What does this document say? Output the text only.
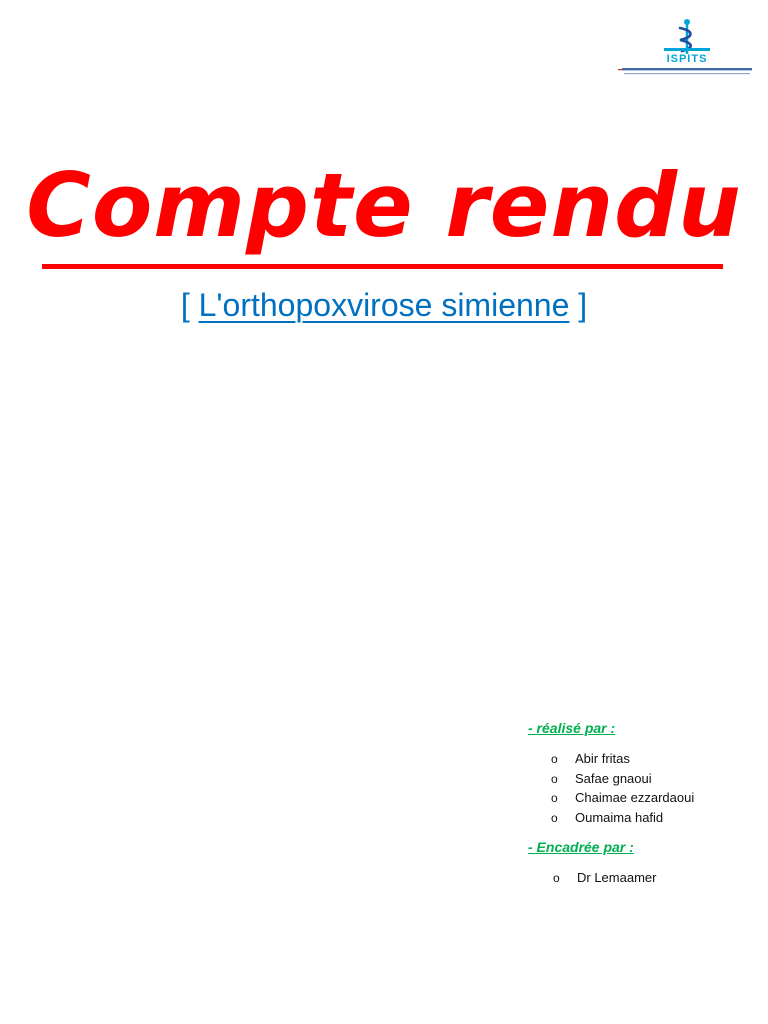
ISPITS
Compte rendu
[ L'orthopoxvirose simienne ]
- réalisé par :
o Abir fritas
o Safae gnaoui
o Chaimae ezzardaoui
o Oumaima hafid
- Encadrée par :
o Dr Lemaamer
